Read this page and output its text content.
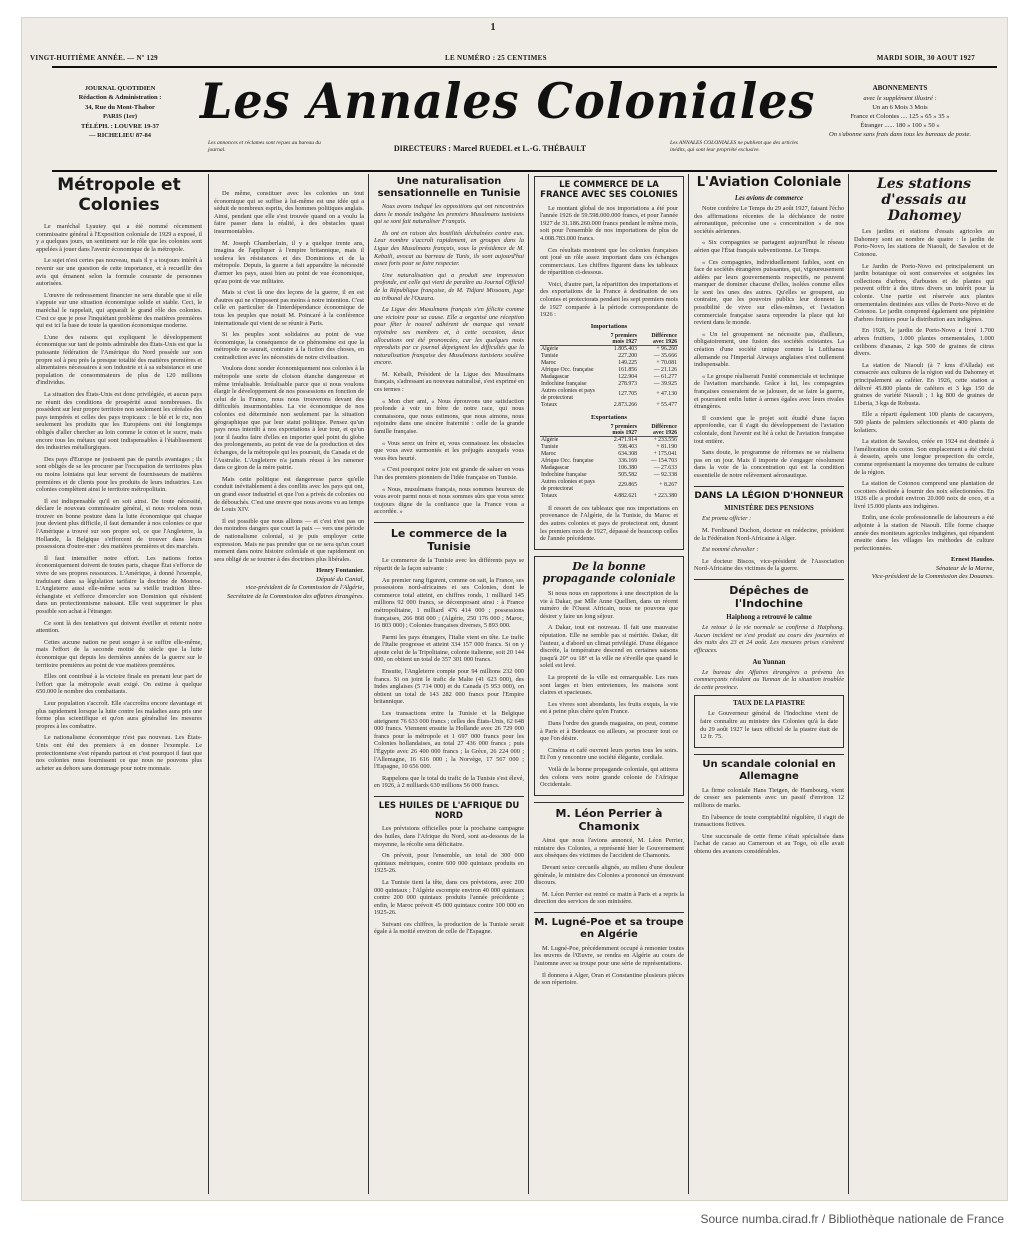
1
VINGT-HUITIÈME ANNÉE. — Nº 129	LE NUMÉRO : 25 CENTIMES	MARDI SOIR, 30 AOUT 1927
JOURNAL QUOTIDIEN
Rédaction & Administration :
34, Rue du Mont-Thabor
PARIS (1er)
TÉLÉPH. : LOUVRE 19-37
— RICHELIEU 87-84
Les Annales Coloniales
Les annonces et réclames sont reçues au bureau du journal.	DIRECTEURS : Marcel RUEDEL et L.-G. THÉBAULT
Les ANNALES COLONIALES ne publient que des articles inédits, qui sont leur propriété exclusive.
ABONNEMENTS
avec le supplément illustré :
Un an 6 Mois 3 Mois
France et Colonies .... 125 » 65 » 35 »
Étranger ...... 180 » 100 » 50 »
On s'abonne sans frais dans tous les bureaux de poste.
Métropole et Colonies

Le maréchal Lyautey qui a été nommé récemment commissaire général à l'Exposition coloniale de 1929 a exposé, il y a quelques jours, un sentiment sur le rôle que les colonies sont appelées à jouer dans l'avenir économique de la métropole.

Le sujet n'est certes pas nouveau, mais il y a toujours intérêt à revenir sur une question de cette importance, et à recueillir des avis qui émanent selon la formule courante de personnes autorisées.

L'œuvre de redressement financier ne sera durable que si elle s'appuie sur une situation économique solide et stable. Ceci, le maréchal le rappelait, qui apparaît le grand rôle des colonies. C'est ce que je pose l'inquiétant problème des matières premières qui est ici la base de toute la question économique moderne.

L'une des raisons qui expliquent le développement économique sur tant de points admirable des États-Unis est que la puissante fédération de l'Amérique du Nord possède sur son propre sol à peu près la presque totalité des matières premières et alimentaires nécessaires à son industrie et à sa subsistance et une population de consommateurs de plus de 120 millions d'individus.

La situation des États-Unis est donc privilégiée, et aucun pays ne réunit des conditions de prospérité aussi nombreuses. Ils possèdent sur leur propre territoire non seulement les céréales des pays tempérés et celles des pays tropicaux : le blé et le riz, non seulement les produits que les Européens ont été longtemps obligés d'aller chercher au loin comme le coton et le sucre, mais encore tous les métaux qui sont indispensables à l'établissement des industries métallurgiques.

Des pays d'Europe ne jouissent pas de pareils avantages ; ils sont obligés de se les procurer par l'occupation de territoires plus ou moins lointains qui leur servent de fournisseurs de matières premières et de clients pour les produits de leurs industries. Les colonies complètent ainsi le territoire métropolitain.

Il est indispensable qu'il en soit ainsi. De toute nécessité, déclare le nouveau commissaire général, si nous voulons nous trouver en bonne posture dans la lutte économique qui chaque jour devient plus difficile, il faut demander à nos colonies ce que l'Amérique a trouvé sur son propre sol, ce que l'Angleterre, la Hollande, la Belgique s'efforcent de trouver dans leurs possessions d'outre-mer : des matières premières et des marchés.

Il faut intensifier notre effort. Les nations fortes économiquement doivent de toutes parts, chaque État s'efforce de vivre de ses propres ressources. L'Amérique, à donné l'exemple, traduisant dans sa législation tarifaire la doctrine de Monroe. L'Angleterre aussi elle-même sous sa vieille tradition libre-échangiste et s'efforce d'encercler son Dominion qui résistent dans un protectionnisme naissant. Elle veut supprimer le plus possible son achat à l'étranger.

Ce sont là des tentatives qui doivent éveiller et retenir notre attention.

Cettes aucune nation ne peut songer à se suffire elle-même, mais l'effort de la seconde moitié du siècle que la lutte économique qui depuis les dernières années de la guerre sur le territoire premières au point de vue matières premières.

Elles ont contribué à la victoire finale en prenant leur part de l'effort que la métropole avait exigé. On estime à quelque 650.000 le nombre des combattants.

Leur population s'accroît. Elle s'accroîtra encore davantage et plus rapidement lorsque la lutte contre les maladies aura pris une forme plus scientifique et qu'on aura généralisé les mesures propres à les combattre.

Le nationalisme économique n'est pas nouveau. Les États-Unis ont été des premiers à en donner l'exemple. Le protectionnisme s'est répandu partout et c'est pourquoi il faut que nos colonies nous fournissent ce que nous ne pouvons plus acheter au dehors sans dommage pour notre monnaie.

De même, constituer avec les colonies un tout économique qui se suffise à lui-même est une idée qui a séduit de nombreux esprits, des hommes politiques anglais. Ainsi, pendant que elle s'est trouvée quand on a voulu la faire passer dans la réalité, à des obstacles quasi insurmontables.

M. Joseph Chamberlain, il y a quelque trente ans, imagina de l'appliquer à l'empire britannique, mais il souleva les résistances et des Dominions et de la métropole. Depuis, la guerre a fait apparaître la nécessité d'armer les pays, aussi bien au point de vue économique, qu'au point de vue militaire.

Mais si c'est là une des leçons de la guerre, il en est d'autres qui ne s'imposent pas moins à notre intention. C'est celle en particulier de l'interdépendance économique de tous les peuples que notait M. Poincaré à la conférence internationale qui vient de se réunir à Paris.

Si les peuples sont solidaires au point de vue économique, la conséquence de ce phénomène est que la métropole ne saurait, contraire à la fiction des choses, en contradiction avec les nécessités de notre civilisation.

Voulons donc sonder économiquement nos colonies à la métropole une sorte de cloison étanche dangereuse et même irréalisable. Irréalisable parce que si nous voulons élargir le développement de nos possessions en fonction de celui de la France, nous nous trouverons devant des difficultés insurmontables. La vie économique de nos colonies est déterminée non seulement par la situation géographique que par leur statut politique. Pensez qu'un pays nous interdit à nos exportations à leur tour, et qu'un jour il faudra faire d'elles en importer quel point du globe des prolongements, au point de vue de la production et des échanges, de la métropole qui les poursuit, du Canada et de l'Australie. L'Angleterre n'a jamais réussi à les ramener dans ce giron de la mère patrie.

Mais cette politique est dangereuse parce qu'elle conduit inévitablement à des conflits avec les pays qui ont, un grand essor industriel et que l'on a privés de colonies ou de débouchés. C'est une œuvre que nous avons vu au temps de Louis XIV.

Il est possible que nous allions — et c'est n'est pas un des moindres dangers que court la paix — vers une période de nationalisme colonial, si je puis employer cette expression. Mais ne pas prendre que ce ne sera qu'un court moment dans notre histoire coloniale et que rapidement on sera obligé de se tourner à des doctrines plus libérales.

Henry Fontanier.
Député du Cantal,
vice-président de la Commission de l'Algérie,
Secrétaire de la Commission des affaires étrangères.
Une naturalisation sensationnelle en Tunisie

Nous avons indiqué les oppositions qui ont rencontrées dans le monde indigène les premiers Musulmans tunisiens qui se sont fait naturaliser Français.

Ils ont en raison des hostilités déchaînées contre eux. Leur nombre s'accroît rapidement, en groupes dans la Ligue des Musulmans français, sous la présidence de M. Kebaili, avocat au barreau de Tunis, ils sont aujourd'hui assez forts pour se faire respecter.

Une naturalisation qui a produit une impression profonde, est celle qui vient de paraître au Journal Officiel de la République française, de M. Tidjani Missoum, juge au tribunal de l'Ouzara.

La Ligue des Musulmans français s'en félicite comme une victoire pour sa cause. Elle a organisé une réception pour fêter le nouvel adhérent de marque qui venait rejoindre ses membres et, à cette occasion, deux allocutions ont été prononcées, car les quelques mots reproduits par ce journal dépeignent les difficultés que la naturalisation française des Musulmans tunisiens soulève encore.

M. Kebaili, Président de la Ligue des Musulmans français, s'adressant au nouveau naturalisé, s'est exprimé en ces termes :

« Mon cher ami, « Nous éprouvons une satisfaction profonde à voir un frère de notre race, qui nous connaissons, que nous estimons, que nous aimons, nous rejoindre dans une sincère fraternité : celle de la grande famille française.

« Vous serez un frère et, vous connaissez les obstacles que vous avez surmontés et les préjugés auxquels vous vous êtes heurté.

« C'est pourquoi notre joie est grande de saluer en vous l'un des premiers pionniers de l'idée française en Tunisie.

« Nous, musulmans français, nous sommes heureux de vous avoir parmi nous et nous sommes sûrs que vous serez toujours digne de la confiance que la France vous a accordée. »

Le commerce de la Tunisie

Le commerce de la Tunisie avec les différents pays se répartit de la façon suivante :

Au premier rang figurent, comme on sait, la France, ses possessions nord-africaines et ses Colonies, dont le commerce total atteint, en chiffres ronds, 1 milliard 145 millions 92 000 francs, se décomposant ainsi : à France métropolitaine, 1 milliard 476 414 000 ; possessions françaises, 266 868 000 ; (Algérie, 250 176 000 ; Maroc, 16 803 000) ; Colonies françaises diverses, 5 893 000.

Parmi les pays étrangers, l'Italie vient en tête. Le trafic de l'Italie progresse et atteint 334 157 000 francs. Si on y ajoute celui de la Tripolitaine, colonie italienne, soit 20 144 000, on obtient un total de 357 301 000 francs.

Ensuite, l'Angleterre compte pour 94 millions 232 000 francs. Si on joint le trafic de Malte (41 623 000), des Indes anglaises (5 714 000) et du Canada (5 953 000), on obtient un total de 143 282 000 francs pour l'Empire britannique.

Les transactions entre la Tunisie et la Belgique atteignent 76 633 000 francs ; celles des États-Unis, 62 648 000 francs. Viennent ensuite la Hollande avec 26 729 000 francs pour la métropole et 1 697 000 francs pour les Colonies hollandaises, au total 27 436 000 francs ; puis l'Égypte avec 26 400 000 francs ; la Grèce, 26 224 000 ; l'Allemagne, 16 616 000 ; la Norvège, 17 567 000 ; l'Espagne, 10 656 000.

Rappelons que le total du trafic de la Tunisie s'est élevé, en 1926, à 2 milliards 630 millions 56 000 francs.

LES HUILES DE L'AFRIQUE DU NORD

Les prévisions officielles pour la prochaine campagne des huiles, dans l'Afrique du Nord, sont au-dessous de la moyenne, la récolte sera déficitaire.

On prévoit, pour l'ensemble, un total de 300 000 quintaux métriques, contre 600 000 quintaux produits en 1925-26.

La Tunisie tient la tête, dans ces prévisions, avec 200 000 quintaux ; l'Algérie escompte environ 40 000 quintaux contre 200 000 quintaux produits l'année précédente ; enfin, le Maroc prévoit 45 000 quintaux contre 100 000 en 1925-26.

Suivant ces chiffres, la production de la Tunisie serait égale à la moitié environ de celle de l'Espagne.

LE COMMERCE DE LA FRANCE AVEC SES COLONIES

Le montant global de nos importations a été pour l'année 1926 de 59.598.000.000 francs, et pour l'année 1927 de 31.186.260.000 francs pendant le même mois, soit pour l'ensemble de nos importations de plus de 4.008.783.000 francs.

Ces résultats montrent que les colonies françaises ont joué un rôle assez important dans ces échanges commerciaux. Les chiffres figurent dans les tableaux de répartition ci-dessous.

Voici, d'autre part, la répartition des importations et des exportations de la France à destination de ses colonies et protectorats pendant les sept premiers mois de 1927 comparée à la période correspondante de 1926 :

Importations
	7 premiers mois 1927	Différence avec 1926
Algérie	1.805.403	+ 96.260
Tunisie	227.200	— 35.666
Maroc	149.225	+ 70.081
Afrique Occ. française	161.856	— 21.126
Madagascar	122.904	— 61.277
Indochine française	278.973	— 39.925
Autres colonies et pays de protectorat	127.705	+ 47.130
Totaux	2.873.266	+ 55.477
Exportations
	7 premiers mois 1927	Différence avec 1926
Algérie	2.471.914	+ 233.556
Tunisie	598.403	+ 81.190
Maroc	634.308	+ 175.041
Afrique Occ. française	336.169	— 154.703
Madagascar	106.380	— 27.633
Indochine française	505.582	— 92.338
Autres colonies et pays de protectorat	229.865	+ 8.267
Totaux	4.882.621	+ 223.380

Il ressort de ces tableaux que nos importations en provenance de l'Algérie, de la Tunisie, du Maroc et des autres colonies et pays de protectorat ont, durant les premiers mois de 1927, dépassé de beaucoup celles de l'année précédente.

De la bonne propagande coloniale

Si nous nous en rapportons à une description de la vie à Dakar, par Mlle Anne Quellien, dans un récent numéro de l'Ouest Africain, nous ne pouvons que désirer y faire un long séjour.

A Dakar, tout est nouveau. Il fait une mauvaise réputation. Elle ne semble pas si méritée. Dakar, dit l'auteur, a d'abord un climat privilégié. D'une élégance discrète, la température descend en certaines saisons jusqu'à 20° ou 18° et la ville ne s'éveille que quand le soleil est levé.

La propreté de la ville est remarquable. Les rues sont larges et bien entretenues, les maisons sont claires et spacieuses.

Les vivres sont abondants, les fruits exquis, la vie est à peine plus chère qu'en France.

Dans l'ordre des grands magasins, on peut, comme à Paris et à Bordeaux ou ailleurs, se procurer tout ce que l'on désire.

Cinéma et café ouvrent leurs portes tous les soirs. Et l'on y rencontre une société élégante, cordiale.

Voilà de la bonne propagande coloniale, qui attirera des colons vers notre grande colonie de l'Afrique Occidentale.

M. Léon Perrier à Chamonix

Ainsi que nous l'avions annoncé, M. Léon Perrier, ministre des Colonies, a représenté hier le Gouvernement aux obsèques des victimes de l'accident de Chamonix.

Devant seize cercueils alignés, au milieu d'une douleur générale, le ministre des Colonies a prononcé un émouvant discours.

M. Léon Perrier est rentré ce matin à Paris et a repris la direction des services de son ministère.

M. Lugné-Poe et sa troupe en Algérie

M. Lugné-Poe, précédemment occupé à remonter toutes les œuvres de l'Œuvre, se rendra en Algérie au cours de l'automne avec sa troupe pour une série de représentations.

Il donnera à Alger, Oran et Constantine plusieurs pièces de son répertoire.

L'Aviation Coloniale
Les avions de commerce

Notre confrère Le Temps du 29 août 1927, faisant l'écho des affirmations récentes de la déchéance de notre aéronautique, préconise une « concentration » de nos sociétés aériennes.

« Six compagnies se partagent aujourd'hui le réseau aérien que l'État français subventionne. Le Temps.

« Ces compagnies, individuellement faibles, sont en face de sociétés étrangères puissantes, qui, vigoureusement aidées par leurs gouvernements respectifs, ne peuvent manquer de dominer chacune d'elles, isolées comme elles le sont les unes des autres. Qu'elles se groupent, au contraire, que les pouvoirs publics leur donnent la possibilité de vivre sur elles-mêmes, et l'aviation commerciale française saura reprendre la place qui lui revient dans le monde.

« Un tel groupement ne nécessite pas, d'ailleurs, obligatoirement, une fusion des sociétés existantes. La création d'une société unique comme la Lufthansa allemande ou l'Imperial Airways anglaises n'est nullement indispensable.

« Le groupe réaliserait l'unité commerciale et technique de l'aviation marchande. Grâce à lui, les compagnies françaises cesseraient de se jalouser, de se faire la guerre, et pourraient enfin lutter à armes égales avec leurs rivales étrangères.

Il convient que le projet soit étudié d'une façon approfondie, car il s'agit du développement de l'aviation coloniale, dont l'avenir est lié à celui de l'aviation française tout entière.

Sans doute, le programme de réformes ne se réalisera pas en un jour. Mais il importe de s'engager résolument dans la voie de la concentration qui est la condition essentielle de notre relèvement aéronautique.

DANS LA LÉGION D'HONNEUR
MINISTÈRE DES PENSIONS

Est promu officier :

M. Ferdinand Duchon, docteur en médecine, président de la Fédération Nord-Africaine à Alger.

Est nommé chevalier :

Le docteur Biscos, vice-président de l'Association Nord-Africaine des victimes de la guerre.

Dépêches de l'Indochine
Haiphong a retrouvé le calme

Le retour à la vie normale se confirme à Haiphong. Aucun incident ne s'est produit au cours des journées et des nuits des 23 et 24 août. Les mesures prises s'avèrent efficaces.

Au Yunnan

Le bureau des Affaires étrangères a prévenu les commerçants résidant au Yunnan de la situation troublée de cette province.

TAUX DE LA PIASTRE

Le Gouverneur général de l'Indochine vient de faire connaître au ministre des Colonies qu'à la date du 29 août 1927 le taux officiel de la piastre était de 12 fr. 75.

Un scandale colonial en Allemagne

La firme coloniale Hans Tietgen, de Hambourg, vient de cesser ses paiements avec un passif d'environ 12 millions de marks.

En l'absence de toute comptabilité régulière, il s'agit de transactions fictives.

Une succursale de cette firme s'était spécialisée dans l'achat de cacao au Cameroun et au Togo, où elle avait obtenu des avances considérables.

Les stations d'essais au Dahomey

Les jardins et stations d'essais agricoles au Dahomey sont au nombre de quatre : le jardin de Porto-Novo, les stations de Niaouli, de Savalou et de Cotonou.

Le Jardin de Porto-Novo est principalement un jardin botanique où sont conservées et soignées les collections d'arbres, d'arbustes et de plantes qui peuvent offrir à des titres divers un intérêt pour la colonie. Une partie est réservée aux plantes ornementales destinées aux villes de Porto-Novo et de Cotonou. Le jardin comprend également une pépinière d'arbres fruitiers pour la distribution aux indigènes.

En 1926, le jardin de Porto-Novo a livré 1.700 arbres fruitiers, 1.000 plantes ornementales, 1.000 ceilibons d'ananas, 2 kgs 500 de graines de citrus divers.

La station de Niaouli (à 7 kms d'Allada) est consacrée aux cultures de la région sud du Dahomey et principalement au caféier. En 1926, cette station a délivré 45.800 plants de caféiers et 3 kgs 150 de graines de variété Niaouli ; 1 kg 800 de graines de Liberia, 3 kgs de Robusta.

Elle a réparti également 100 plants de cacaoyers, 500 plants de palmiers sélectionnés et 400 plants de kolatiers.

La station de Savalou, créée en 1924 est destinée à l'amélioration du coton. Son emplacement a été choisi à dessein, après une longue prospection du cercle, comme représentant la moyenne des terrains de culture de la région.

La station de Cotonou comprend une plantation de cocotiers destinée à fournir des noix sélectionnées. En 1926 elle a produit environ 20.000 noix de coco, et a livré 15.000 plants aux indigènes.

Enfin, une école professionnelle de laboureurs a été adjointe à la station de Niaouli. Elle forme chaque année des moniteurs agricoles indigènes, qui répandent ensuite dans les villages les méthodes de culture perfectionnées.

Ernest Haudos.
Sénateur de la Marne,
Vice-président de la Commission des Douanes.
Source numba.cirad.fr / Bibliothèque nationale de France
